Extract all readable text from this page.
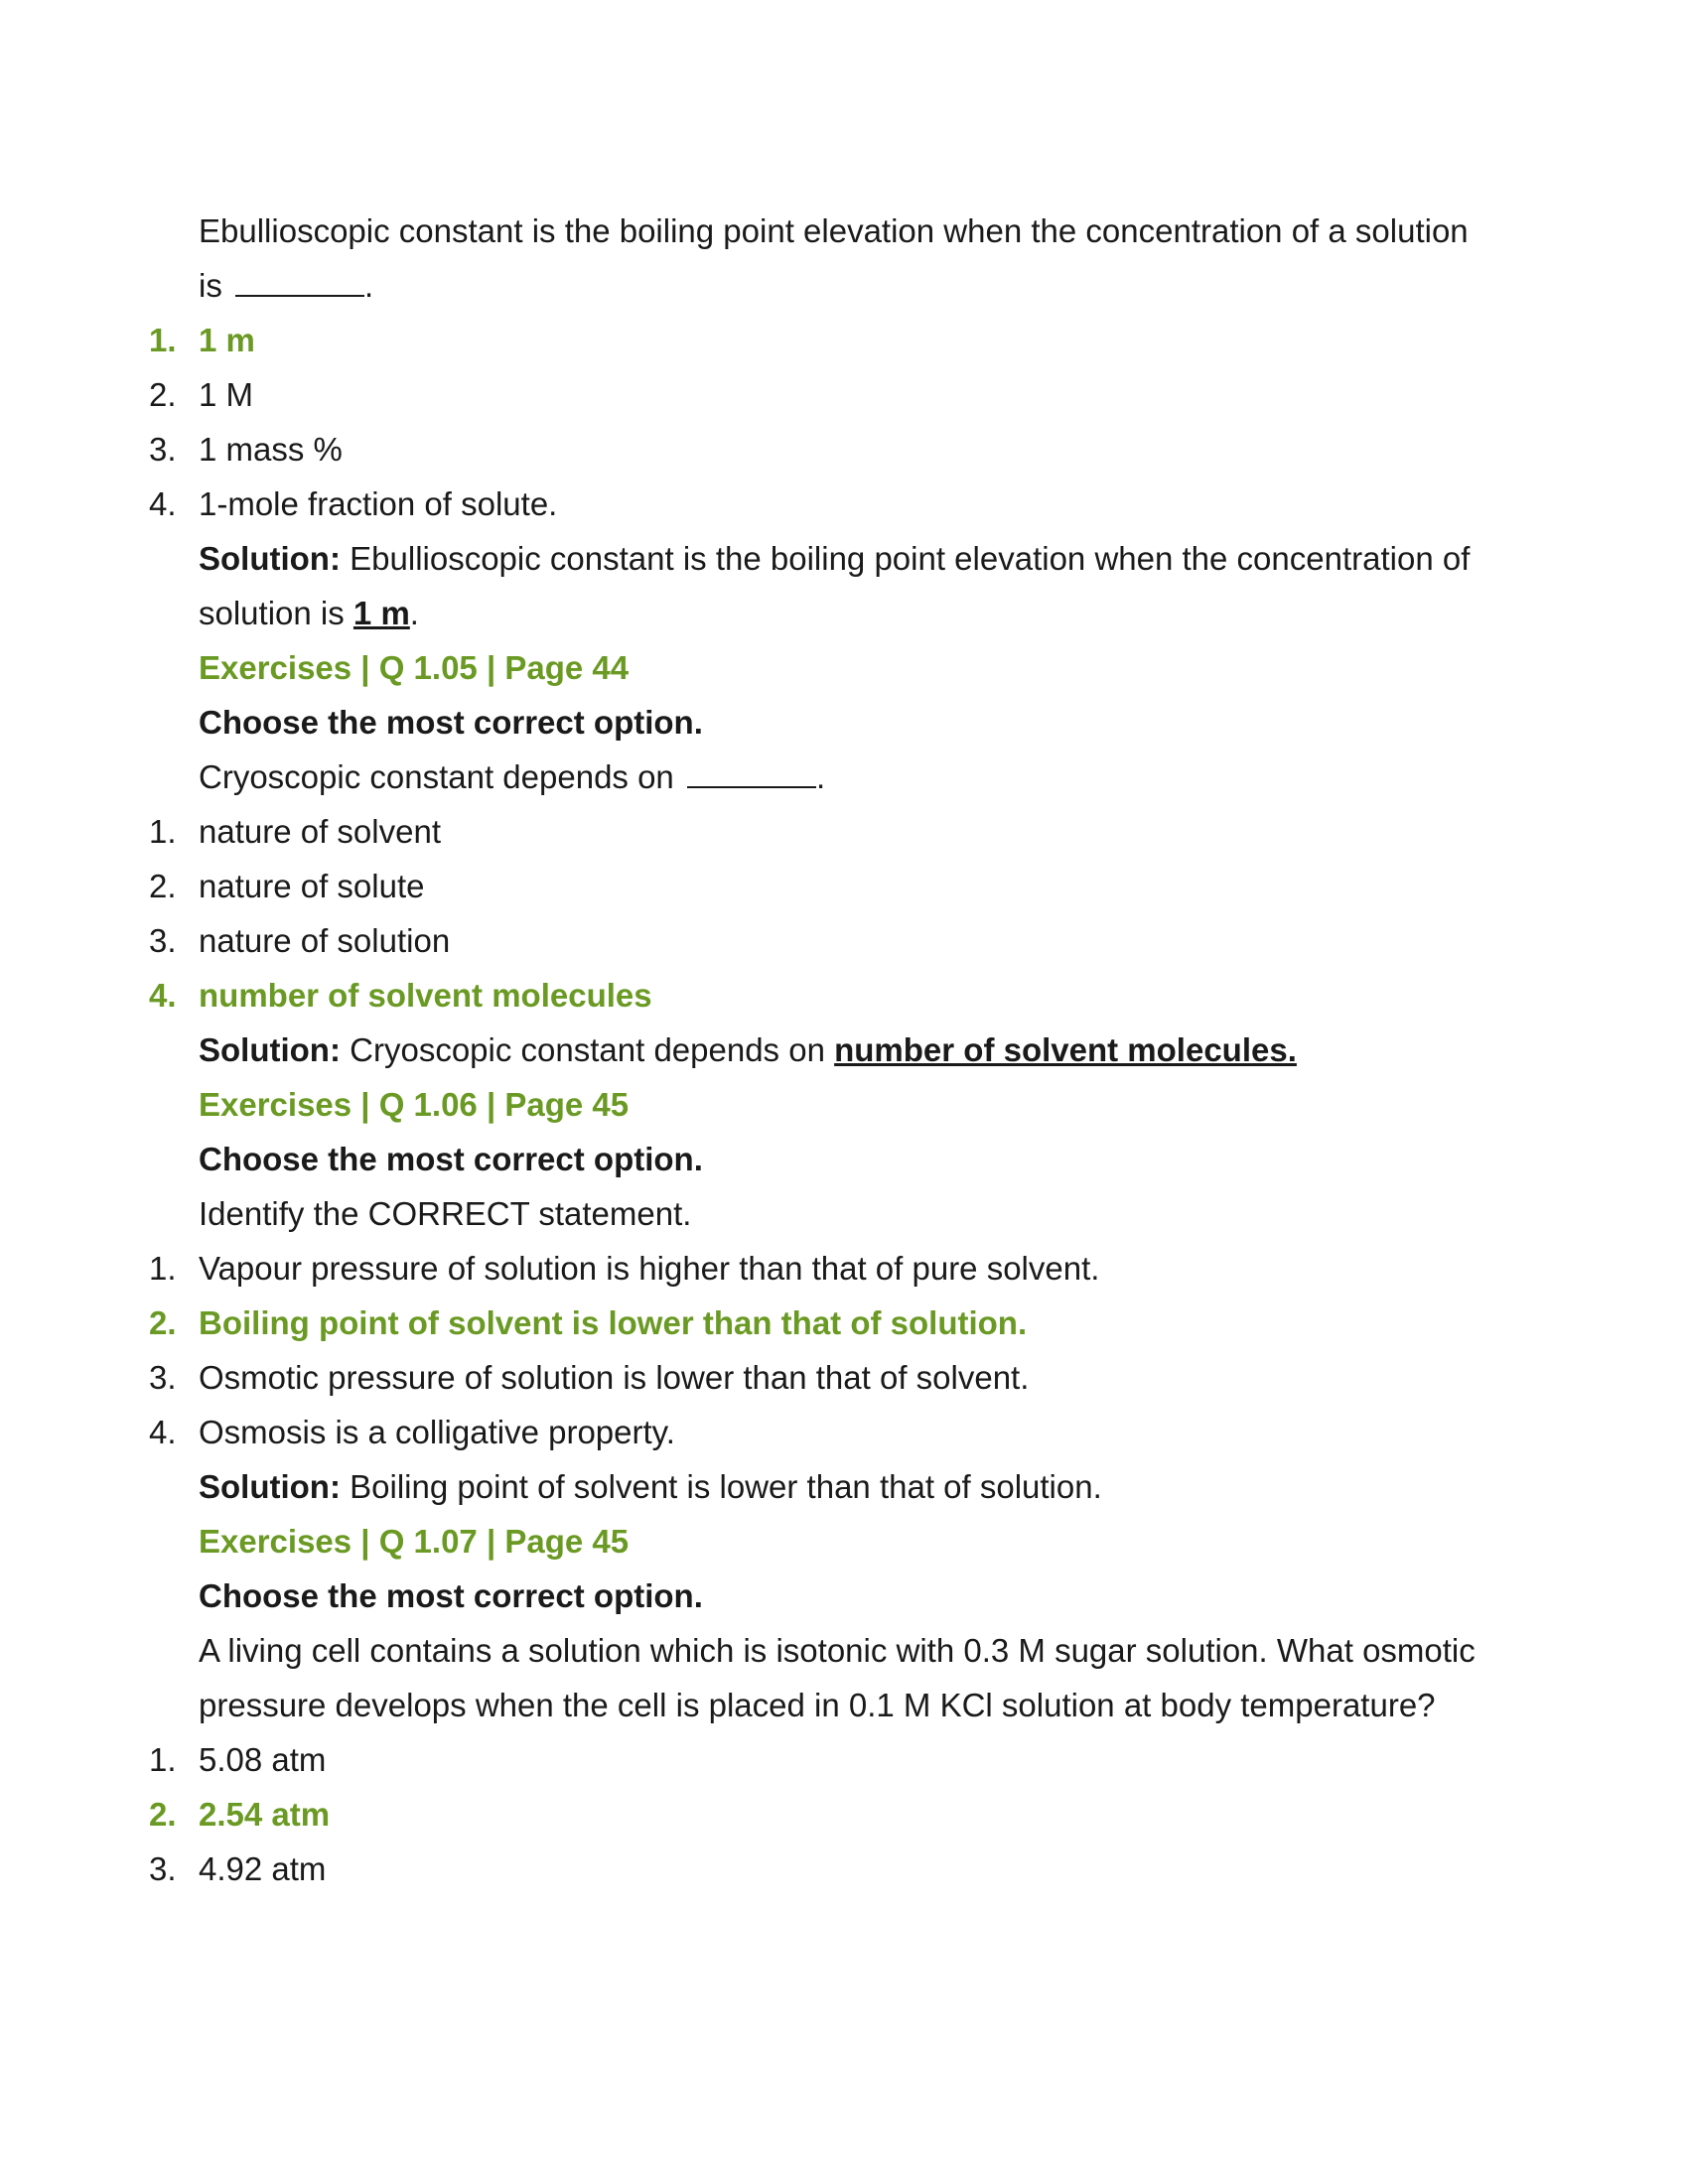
Ebullioscopic constant is the boiling point elevation when the concentration of a solution is	.
1. 1 m
2. 1 M
3. 1 mass %
4. 1-mole fraction of solute.
Solution: Ebullioscopic constant is the boiling point elevation when the concentration of solution is 1 m.
Exercises | Q 1.05 | Page 44
Choose the most correct option.
Cryoscopic constant depends on	.
1. nature of solvent
2. nature of solute
3. nature of solution
4. number of solvent molecules
Solution: Cryoscopic constant depends on number of solvent molecules.
Exercises | Q 1.06 | Page 45
Choose the most correct option.
Identify the CORRECT statement.
1. Vapour pressure of solution is higher than that of pure solvent.
2. Boiling point of solvent is lower than that of solution.
3. Osmotic pressure of solution is lower than that of solvent.
4. Osmosis is a colligative property.
Solution: Boiling point of solvent is lower than that of solution.
Exercises | Q 1.07 | Page 45
Choose the most correct option.
A living cell contains a solution which is isotonic with 0.3 M sugar solution. What osmotic pressure develops when the cell is placed in 0.1 M KCl solution at body temperature?
1. 5.08 atm
2. 2.54 atm
3. 4.92 atm
